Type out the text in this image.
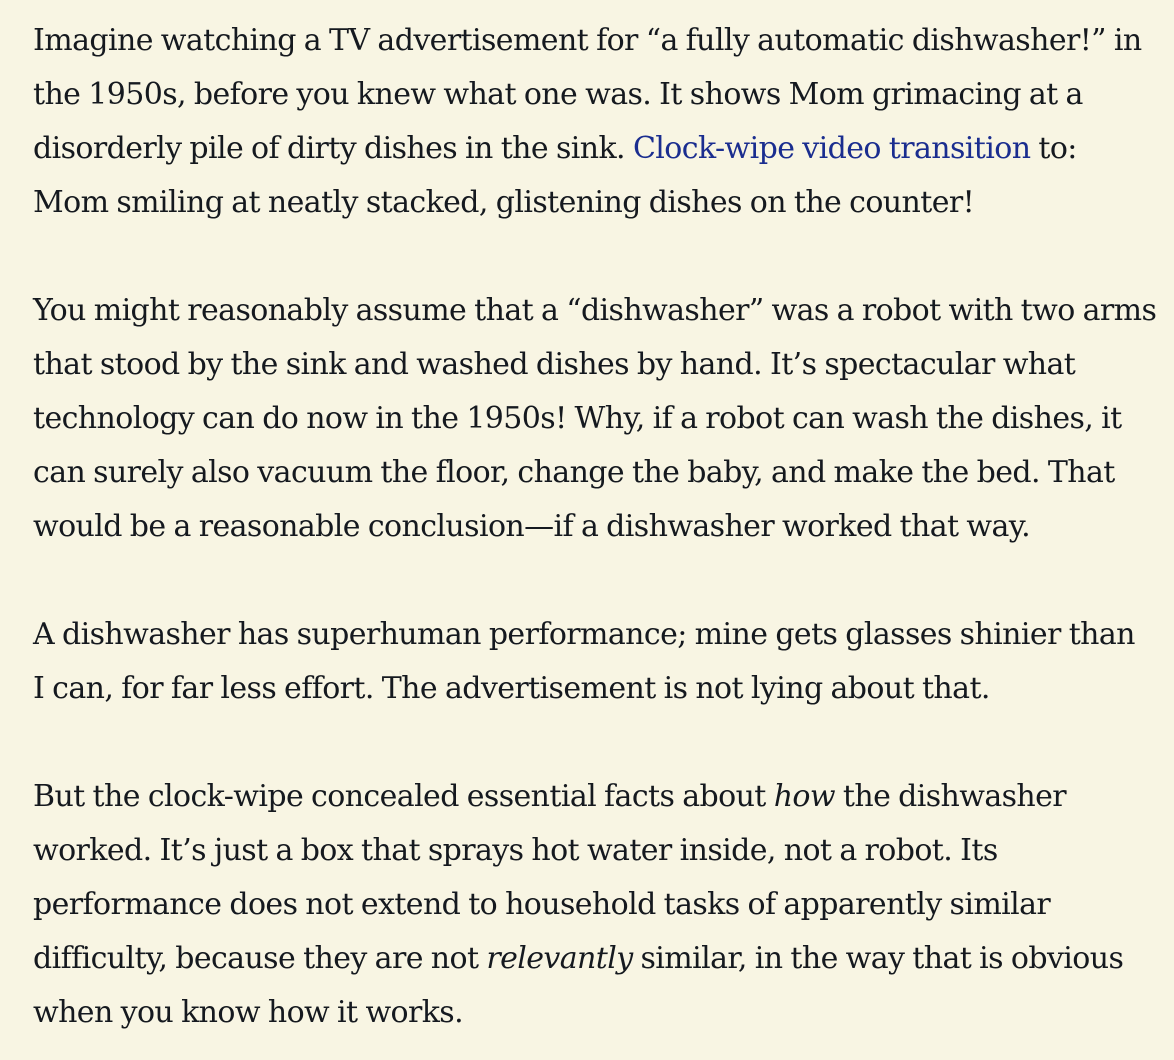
Imagine watching a TV advertisement for “a fully automatic dishwasher!” in
the 1950s, before you knew what one was. It shows Mom grimacing at a
disorderly pile of dirty dishes in the sink. Clock-wipe video transition to:
Mom smiling at neatly stacked, glistening dishes on the counter!

You might reasonably assume that a “dishwasher” was a robot with two arms
that stood by the sink and washed dishes by hand. It’s spectacular what
technology can do now in the 1950s! Why, if a robot can wash the dishes, it
can surely also vacuum the floor, change the baby, and make the bed. That
would be a reasonable conclusion—if a dishwasher worked that way.

A dishwasher has superhuman performance; mine gets glasses shinier than
I can, for far less effort. The advertisement is not lying about that.

But the clock-wipe concealed essential facts about how the dishwasher
worked. It’s just a box that sprays hot water inside, not a robot. Its
performance does not extend to household tasks of apparently similar
difficulty, because they are not relevantly similar, in the way that is obvious
when you know how it works.
